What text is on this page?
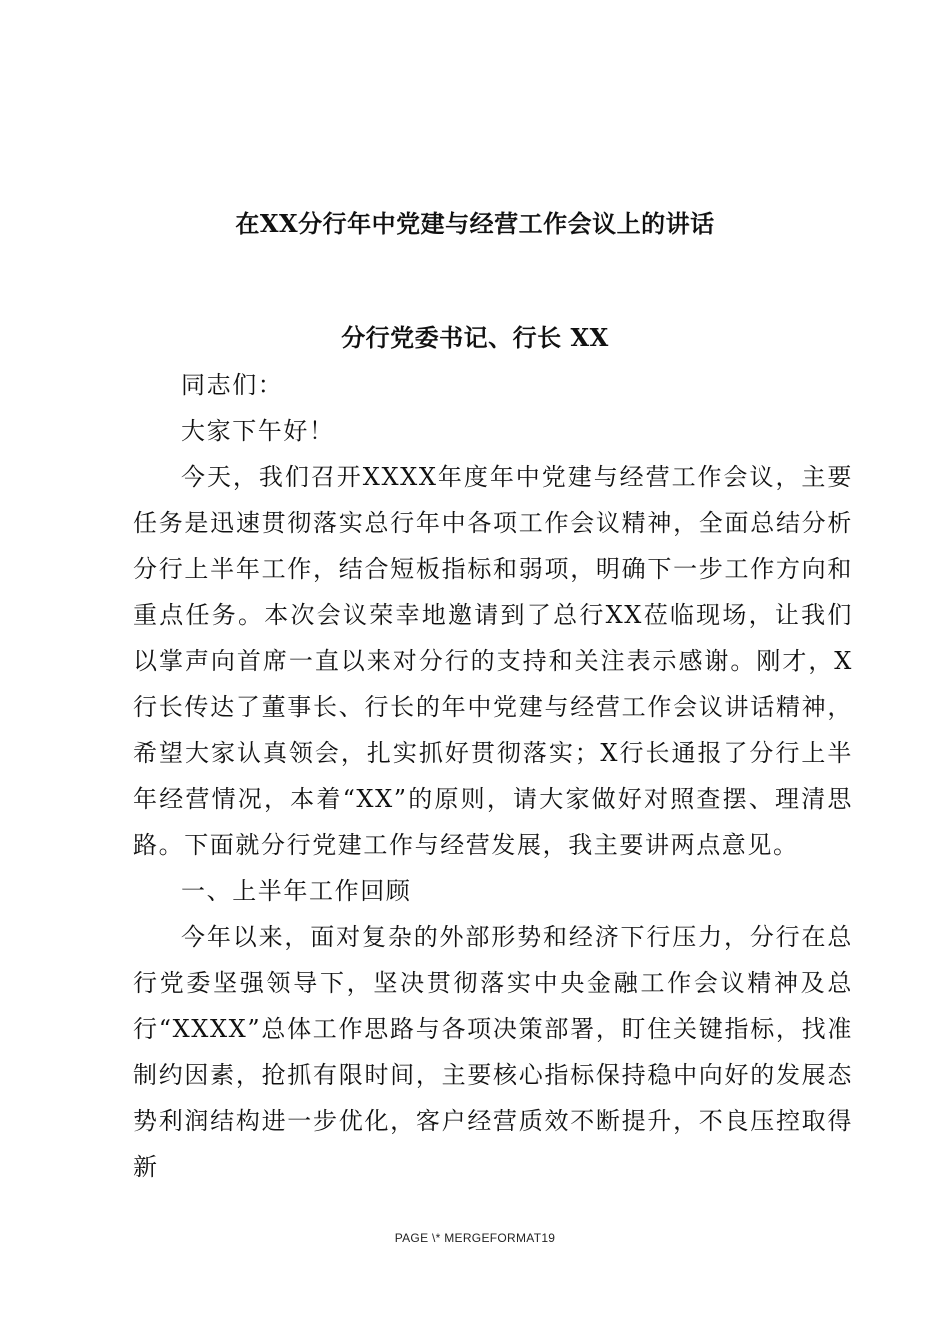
在XX分行年中党建与经营工作会议上的讲话
分行党委书记、行长 XX

同志们：

大家下午好！

今天，我们召开XXXX年度年中党建与经营工作会议，主要任务是迅速贯彻落实总行年中各项工作会议精神，全面总结分析分行上半年工作，结合短板指标和弱项，明确下一步工作方向和重点任务。本次会议荣幸地邀请到了总行XX莅临现场，让我们以掌声向首席一直以来对分行的支持和关注表示感谢。刚才，X行长传达了董事长、行长的年中党建与经营工作会议讲话精神，希望大家认真领会，扎实抓好贯彻落实；X行长通报了分行上半年经营情况，本着“XX”的原则，请大家做好对照查摆、理清思路。下面就分行党建工作与经营发展，我主要讲两点意见。

一、上半年工作回顾

今年以来，面对复杂的外部形势和经济下行压力，分行在总行党委坚强领导下，坚决贯彻落实中央金融工作会议精神及总行“XXXX”总体工作思路与各项决策部署，盯住关键指标，找准制约因素，抢抓有限时间，主要核心指标保持稳中向好的发展态势利润结构进一步优化，客户经营质效不断提升，不良压控取得新

PAGE \* MERGEFORMAT19
